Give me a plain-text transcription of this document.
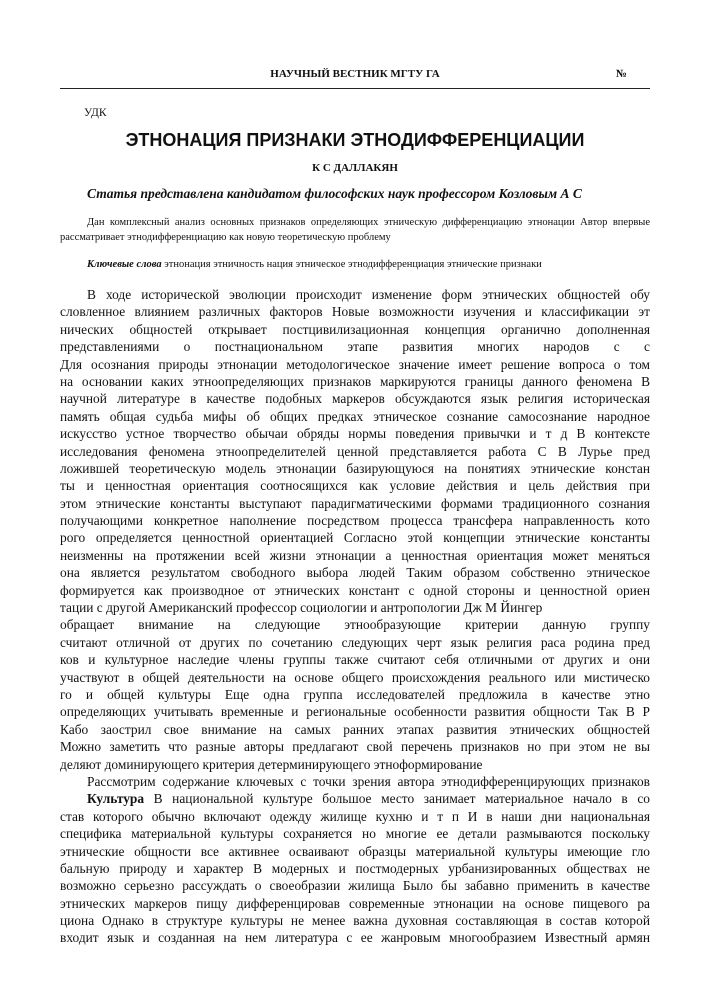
НАУЧНЫЙ ВЕСТНИК МГТУ ГА	№
УДК
ЭТНОНАЦИЯ ПРИЗНАКИ ЭТНОДИФФЕРЕНЦИАЦИИ
К С ДАЛЛАКЯН
Статья представлена кандидатом философских наук профессором Козловым А С
Дан комплексный анализ основных признаков определяющих этническую дифференциацию этнонации Автор впервые рассматривает этнодифференциацию как новую теоретическую проблему
Ключевые слова этнонация этничность нация этническое этнодифференциация этнические признаки
В ходе исторической эволюции происходит изменение форм этнических общностей обу
словленное влиянием различных факторов Новые возможности изучения и классификации эт
нических общностей открывает постцивилизационная концепция органично дополненная
представлениями о постнациональном этапе развития многих народов с с
Для осознания природы этнонации методологическое значение имеет решение вопроса о том
на основании каких этноопределяющих признаков маркируются границы данного феномена В
научной литературе в качестве подобных маркеров обсуждаются язык религия историческая
память общая судьба мифы об общих предках этническое сознание самосознание народное
искусство устное творчество обычаи обряды нормы поведения привычки и т д В контексте
исследования феномена этноопределителей ценной представляется работа С В Лурье пред
ложившей теоретическую модель этнонации базирующуюся на понятиях этнические констан
ты и ценностная ориентация соотносящихся как условие действия и цель действия при
этом этнические константы выступают парадигматическими формами традиционного сознания
получающими конкретное наполнение посредством процесса трансфера направленность кото
рого определяется ценностной ориентацией Согласно этой концепции этнические константы
неизменны на протяжении всей жизни этнонации а ценностная ориентация может меняться
она является результатом свободного выбора людей Таким образом собственно этническое
формируется как производное от этнических констант с одной стороны и ценностной ориен
тации с другой Американский профессор социологии и антропологии Дж М Йингер
обращает внимание на следующие этнообразующие критерии данную группу
считают отличной от других по сочетанию следующих черт язык религия раса родина пред
ков и культурное наследие члены группы также считают себя отличными от других и они
участвуют в общей деятельности на основе общего происхождения реального или мистическо
го и общей культуры Еще одна группа исследователей предложила в качестве этно
определяющих учитывать временные и региональные особенности развития общности Так В Р
Кабо заострил свое внимание на самых ранних этапах развития этнических общностей
Можно заметить что разные авторы предлагают свой перечень признаков но при этом не вы
деляют доминирующего критерия детерминирующего этноформирование
Рассмотрим содержание ключевых с точки зрения автора этнодифференцирующих признаков
Культура В национальной культуре большое место занимает материальное начало в со
став которого обычно включают одежду жилище кухню и т п И в наши дни национальная
специфика материальной культуры сохраняется но многие ее детали размываются поскольку
этнические общности все активнее осваивают образцы материальной культуры имеющие гло
бальную природу и характер В модерных и постмодерных урбанизированных обществах не
возможно серьезно рассуждать о своеобразии жилища Было бы забавно применить в качестве
этнических маркеров пищу дифференцировав современные этнонации на основе пищевого ра
циона Однако в структуре культуры не менее важна духовная составляющая в состав которой
входит язык и созданная на нем литература с ее жанровым многообразием Известный армян
